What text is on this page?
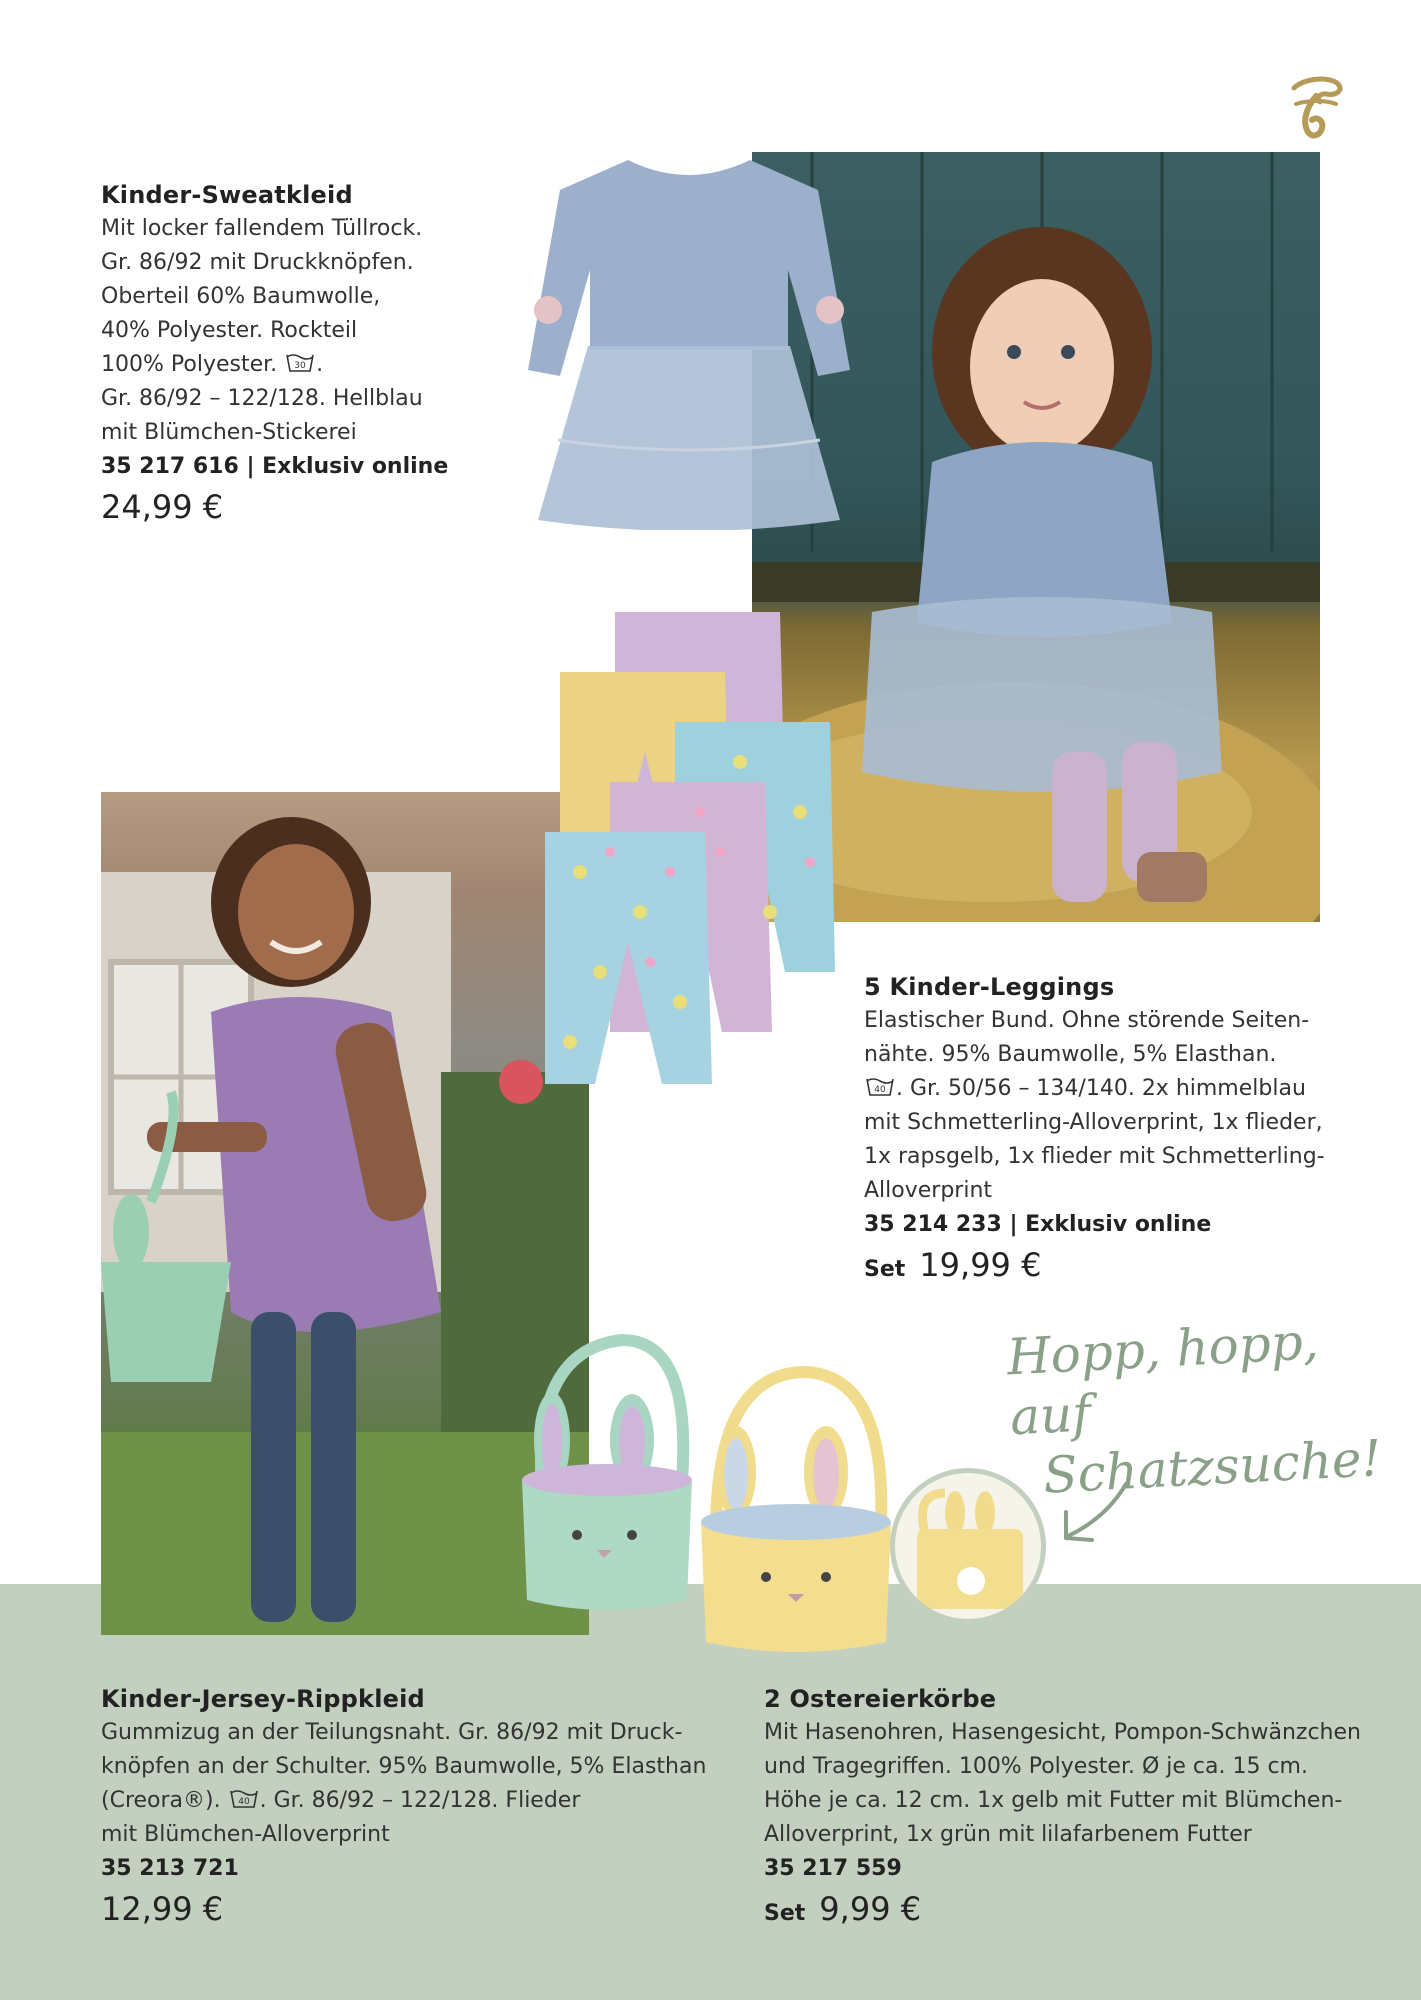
Kinder-Sweatkleid
Mit locker fallendem Tüllrock.
Gr. 86/92 mit Druckknöpfen.
Oberteil 60% Baumwolle,
40% Polyester. Rockteil
100% Polyester. 30 .
Gr. 86/92 – 122/128. Hellblau
mit Blümchen-Stickerei
35 217 616 | Exklusiv online
24,99 €
5 Kinder-Leggings
Elastischer Bund. Ohne störende Seiten-
nähte. 95% Baumwolle, 5% Elasthan.
40 . Gr. 50/56 – 134/140. 2x himmelblau
mit Schmetterling-Alloverprint, 1x flieder,
1x rapsgelb, 1x flieder mit Schmetterling-
Alloverprint
35 214 233 | Exklusiv online
Set 19,99 €
Hopp, hopp, auf
Schatzsuche!
Kinder-Jersey-Rippkleid
Gummizug an der Teilungsnaht. Gr. 86/92 mit Druck-
knöpfen an der Schulter. 95% Baumwolle, 5% Elasthan
(Creora®). 40 . Gr. 86/92 – 122/128. Flieder
mit Blümchen-Alloverprint
35 213 721
12,99 €
2 Ostereierkörbe
Mit Hasenohren, Hasengesicht, Pompon-Schwänzchen
und Tragegriffen. 100% Polyester. Ø je ca. 15 cm.
Höhe je ca. 12 cm. 1x gelb mit Futter mit Blümchen-
Alloverprint, 1x grün mit lilafarbenem Futter
35 217 559
Set 9,99 €
